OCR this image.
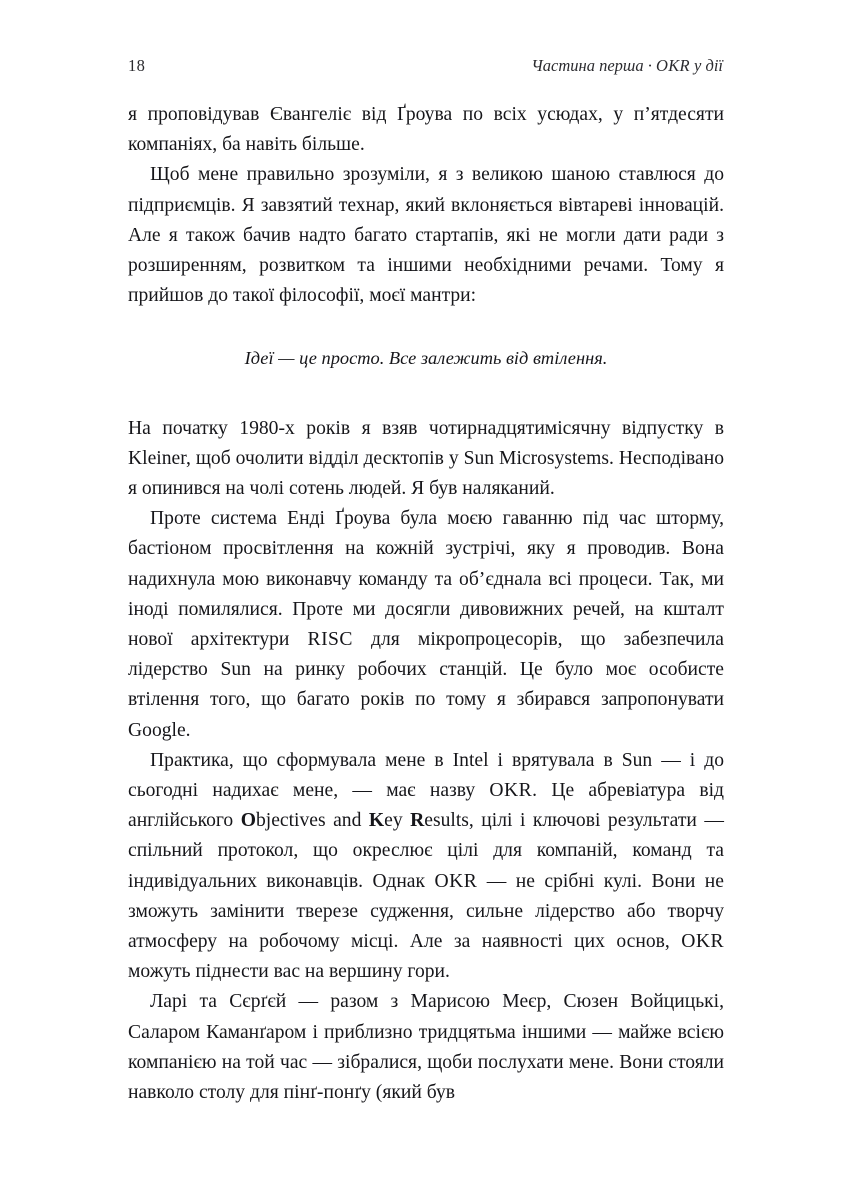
18	Частина перша · OKR у дії

я проповідував Євангеліє від Ґроува по всіх усюдах, у п’ятдесяти компаніях, ба навіть більше.

Щоб мене правильно зрозуміли, я з великою шаною ставлюся до підприємців. Я завзятий технар, який вклоняється вівтареві інновацій. Але я також бачив надто багато стартапів, які не могли дати ради з розширенням, розвитком та іншими необхідними речами. Тому я прийшов до такої філософії, моєї мантри:

Ідеї — це просто. Все залежить від втілення.

На початку 1980-х років я взяв чотирнадцятимісячну відпустку в Kleiner, щоб очолити відділ десктопів у Sun Microsystems. Несподівано я опинився на чолі сотень людей. Я був наляканий.

Проте система Енді Ґроува була моєю гаванню під час шторму, бастіоном просвітлення на кожній зустрічі, яку я проводив. Вона надихнула мою виконавчу команду та об’єднала всі процеси. Так, ми іноді помилялися. Проте ми досягли дивовижних речей, на кшталт нової архітектури RISC для мікропроцесорів, що забезпечила лідерство Sun на ринку робочих станцій. Це було моє особисте втілення того, що багато років по тому я збирався запропонувати Google.

Практика, що сформувала мене в Intel і врятувала в Sun — і до сьогодні надихає мене, — має назву OKR. Це абревіатура від англійського Objectives and Key Results, цілі і ключові результати — спільний протокол, що окреслює цілі для компаній, команд та індивідуальних виконавців. Однак OKR — не срібні кулі. Вони не зможуть замінити тверезе судження, сильне лідерство або творчу атмосферу на робочому місці. Але за наявності цих основ, OKR можуть піднести вас на вершину гори.

Ларі та Сєрґєй — разом з Марисою Меєр, Сюзен Войцицькі, Саларом Каманґаром і приблизно тридцятьма іншими — майже всією компанією на той час — зібралися, щоби послухати мене. Вони стояли навколо столу для пінґ-понґу (який був
